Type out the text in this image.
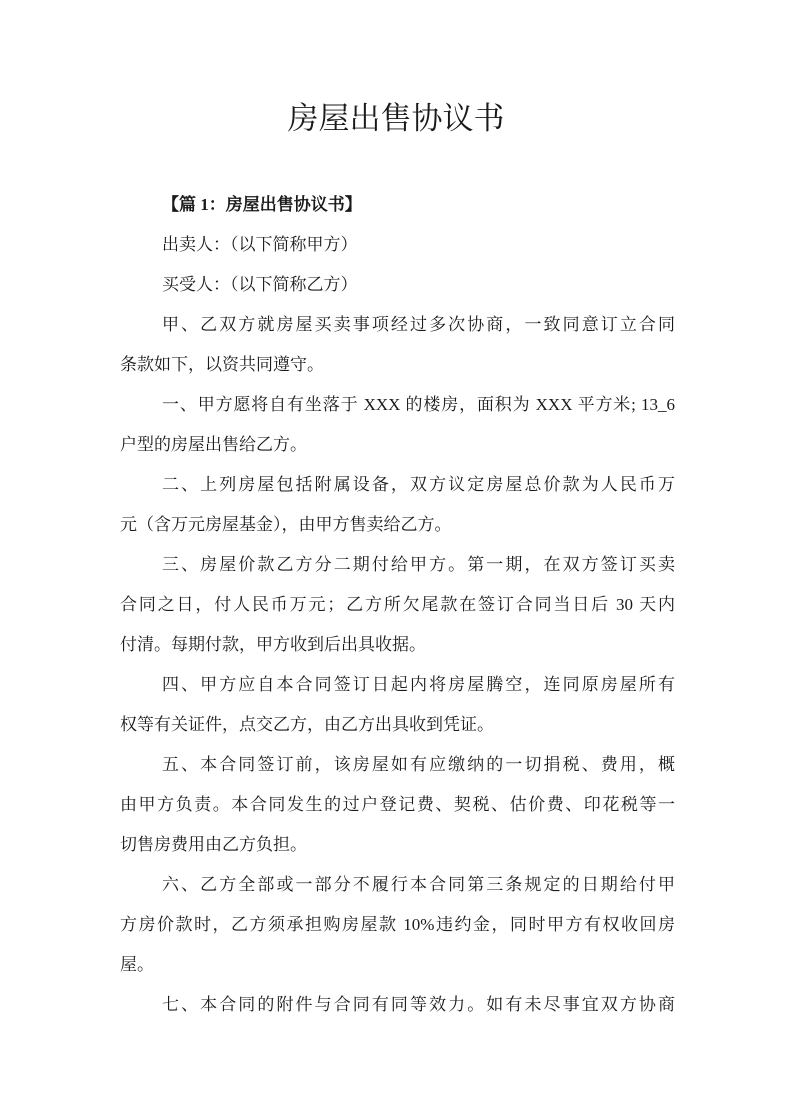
房屋出售协议书
【篇 1：房屋出售协议书】
出卖人：（以下简称甲方）
买受人：（以下简称乙方）
甲、乙双方就房屋买卖事项经过多次协商，一致同意订立合同
条款如下，以资共同遵守。
一、甲方愿将自有坐落于 XXX 的楼房，面积为 XXX 平方米; 13_6
户型的房屋出售给乙方。
二、上列房屋包括附属设备，双方议定房屋总价款为人民币万
元（含万元房屋基金），由甲方售卖给乙方。
三、房屋价款乙方分二期付给甲方。第一期，在双方签订买卖
合同之日，付人民币万元；乙方所欠尾款在签订合同当日后 30 天内
付清。每期付款，甲方收到后出具收据。
四、甲方应自本合同签订日起内将房屋腾空，连同原房屋所有
权等有关证件，点交乙方，由乙方出具收到凭证。
五、本合同签订前，该房屋如有应缴纳的一切捐税、费用，概
由甲方负责。本合同发生的过户登记费、契税、估价费、印花税等一
切售房费用由乙方负担。
六、乙方全部或一部分不履行本合同第三条规定的日期给付甲
方房价款时，乙方须承担购房屋款 10%违约金，同时甲方有权收回房
屋。
七、本合同的附件与合同有同等效力。如有未尽事宜双方协商
